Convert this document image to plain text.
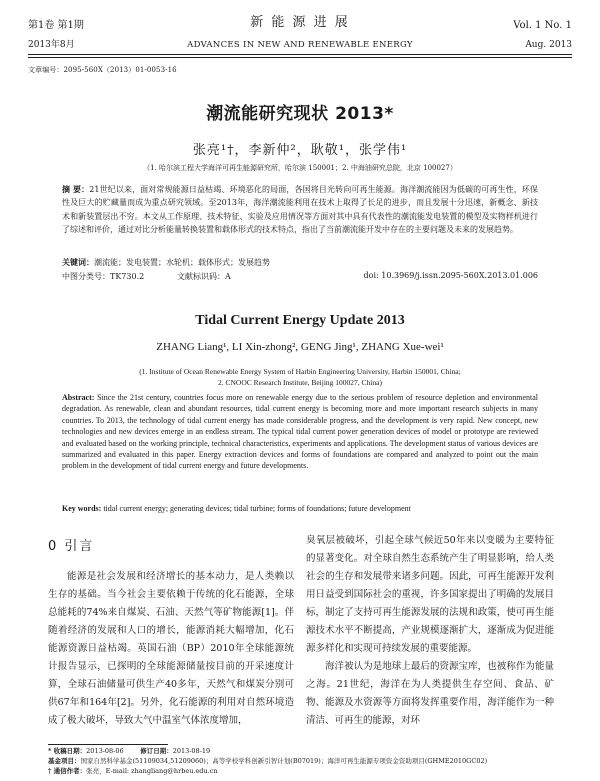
第1卷 第1期	新 能 源 进 展	Vol. 1 No. 1
2013年8月	ADVANCES IN NEW AND RENEWABLE ENERGY	Aug. 2013
文章编号：2095-560X（2013）01-0053-16
潮流能研究现状 2013*
张亮¹†，李新仲²，耿敬¹，张学伟¹
（1. 哈尔滨工程大学海洋可再生能源研究所，哈尔滨 150001；2. 中海油研究总院，北京 100027）
摘 要：21世纪以来，面对常规能源日益枯竭、环境恶化的局面，各国将目光转向可再生能源。海洋潮流能因为低碳的可再生性，环保性及巨大的贮藏量而成为重点研究领域。至2013年，海洋潮流能利用在技术上取得了长足的进步，而且发展十分迅速，新概念、新技术和新装置层出不穷。本文从工作原理、技术特征、实验及应用情况等方面对其中具有代表性的潮流能发电装置的模型及实物样机进行了综述和评价，通过对比分析能量转换装置和载体形式的技术特点，指出了当前潮流能开发中存在的主要问题及未来的发展趋势。
关键词：潮流能；发电装置；水轮机；载体形式；发展趋势
中图分类号：TK730.2	文献标识码：A	doi: 10.3969/j.issn.2095-560X.2013.01.006
Tidal Current Energy Update 2013
ZHANG Liang¹, LI Xin-zhong², GENG Jing¹, ZHANG Xue-wei¹
(1. Institute of Ocean Renewable Energy System of Harbin Engineering University, Harbin 150001, China;
2. CNOOC Research Institute, Beijing 100027, China)
Abstract: Since the 21st century, countries focus more on renewable energy due to the serious problem of resource depletion and environmental degradation. As renewable, clean and abundant resources, tidal current energy is becoming more and more important research subjects in many countries. To 2013, the technology of tidal current energy has made considerable progress, and the development is very rapid. New concept, new technologies and new devices emerge in an endless stream. The typical tidal current power generation devices of model or prototype are reviewed and evaluated based on the working principle, technical characteristics, experiments and applications. The development status of various devices are summarized and evaluated in this paper. Energy extraction devices and forms of foundations are compared and analyzed to point out the main problem in the development of tidal current energy and future developments.
Key words: tidal current energy; generating devices; tidal turbine; forms of foundations; future development
0 引言

能源是社会发展和经济增长的基本动力，是人类赖以生存的基础。当今社会主要依赖于传统的化石能源，全球总能耗的74%来自煤炭、石油、天然气等矿物能源[1]。伴随着经济的发展和人口的增长，能源消耗大幅增加，化石能源资源日益枯竭。英国石油（BP）2010年全球能源统计报告显示，已探明的全球能源储量按目前的开采速度计算，全球石油储量可供生产40多年，天然气和煤炭分别可供67年和164年[2]。另外，化石能源的利用对自然环境造成了极大破坏，导致大气中温室气体浓度增加，

臭氧层被破坏，引起全球气候近50年来以变暖为主要特征的显著变化。对全球自然生态系统产生了明显影响，给人类社会的生存和发展带来诸多问题。因此，可再生能源开发利用日益受到国际社会的重视，许多国家提出了明确的发展目标，制定了支持可再生能源发展的法规和政策，使可再生能源技术水平不断提高，产业规模逐渐扩大，逐渐成为促进能源多样化和实现可持续发展的重要能源。

海洋被认为是地球上最后的资源宝库，也被称作为能量之海。21世纪，海洋在为人类提供生存空间、食品、矿物、能源及水资源等方面将发挥重要作用，海洋能作为一种清洁、可再生的能源，对环

* 收稿日期：2013-08-06	修订日期：2013-08-19
基金项目：国家自然科学基金(51109034,51209060)；高等学校学科创新引智计划(B07019)；海洋可再生能源专项资金资助项目(GHME2010GC02)
† 通信作者：张亮，E-mail: zhangliang@hrbeu.edu.cn
